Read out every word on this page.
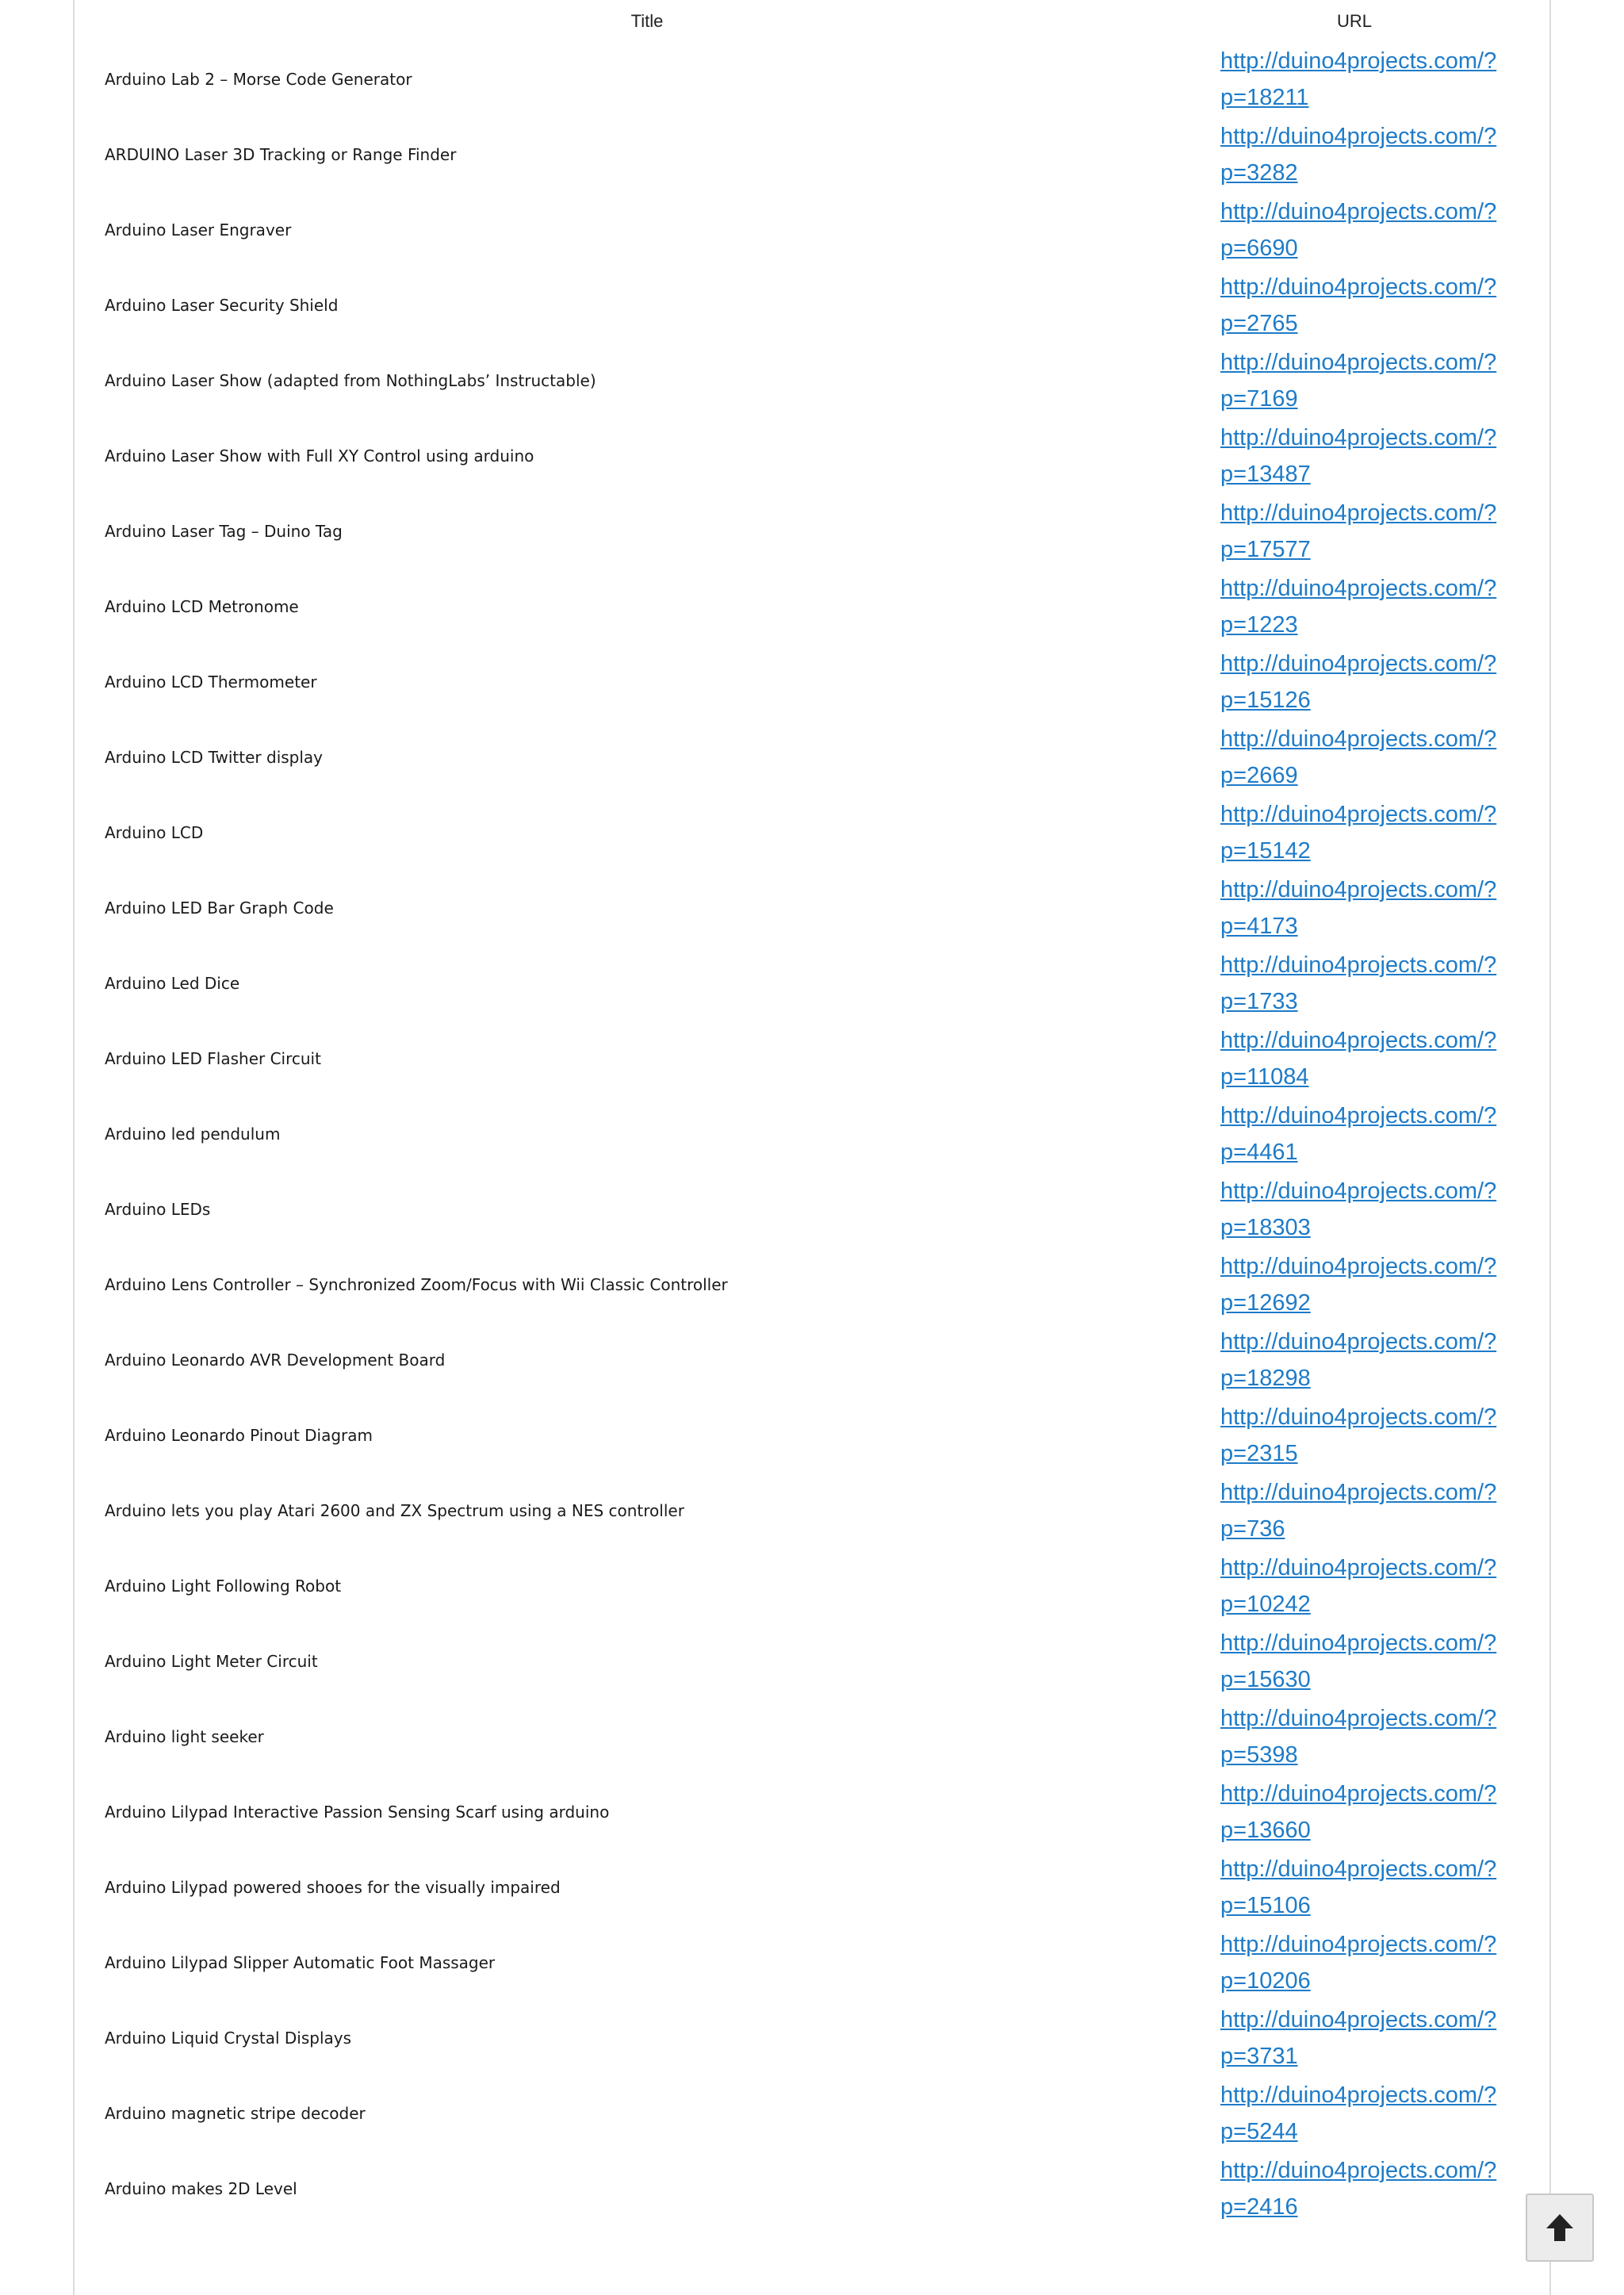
Title	URL
Arduino Lab 2 – Morse Code Generator	http://duino4projects.com/?p=18211

ARDUINO Laser 3D Tracking or Range Finder	http://duino4projects.com/?p=3282

Arduino Laser Engraver	http://duino4projects.com/?p=6690

Arduino Laser Security Shield	http://duino4projects.com/?p=2765

Arduino Laser Show (adapted from NothingLabs’ Instructable)	http://duino4projects.com/?p=7169

Arduino Laser Show with Full XY Control using arduino	http://duino4projects.com/?p=13487

Arduino Laser Tag – Duino Tag	http://duino4projects.com/?p=17577

Arduino LCD Metronome	http://duino4projects.com/?p=1223

Arduino LCD Thermometer	http://duino4projects.com/?p=15126

Arduino LCD Twitter display	http://duino4projects.com/?p=2669

Arduino LCD	http://duino4projects.com/?p=15142

Arduino LED Bar Graph Code	http://duino4projects.com/?p=4173

Arduino Led Dice	http://duino4projects.com/?p=1733

Arduino LED Flasher Circuit	http://duino4projects.com/?p=11084

Arduino led pendulum	http://duino4projects.com/?p=4461

Arduino LEDs	http://duino4projects.com/?p=18303

Arduino Lens Controller – Synchronized Zoom/Focus with Wii Classic Controller	http://duino4projects.com/?p=12692

Arduino Leonardo AVR Development Board	http://duino4projects.com/?p=18298

Arduino Leonardo Pinout Diagram	http://duino4projects.com/?p=2315

Arduino lets you play Atari 2600 and ZX Spectrum using a NES controller	http://duino4projects.com/?p=736

Arduino Light Following Robot	http://duino4projects.com/?p=10242

Arduino Light Meter Circuit	http://duino4projects.com/?p=15630

Arduino light seeker	http://duino4projects.com/?p=5398

Arduino Lilypad Interactive Passion Sensing Scarf using arduino	http://duino4projects.com/?p=13660

Arduino Lilypad powered shooes for the visually impaired	http://duino4projects.com/?p=15106

Arduino Lilypad Slipper Automatic Foot Massager	http://duino4projects.com/?p=10206

Arduino Liquid Crystal Displays	http://duino4projects.com/?p=3731

Arduino magnetic stripe decoder	http://duino4projects.com/?p=5244

Arduino makes 2D Level	http://duino4projects.com/?p=2416
